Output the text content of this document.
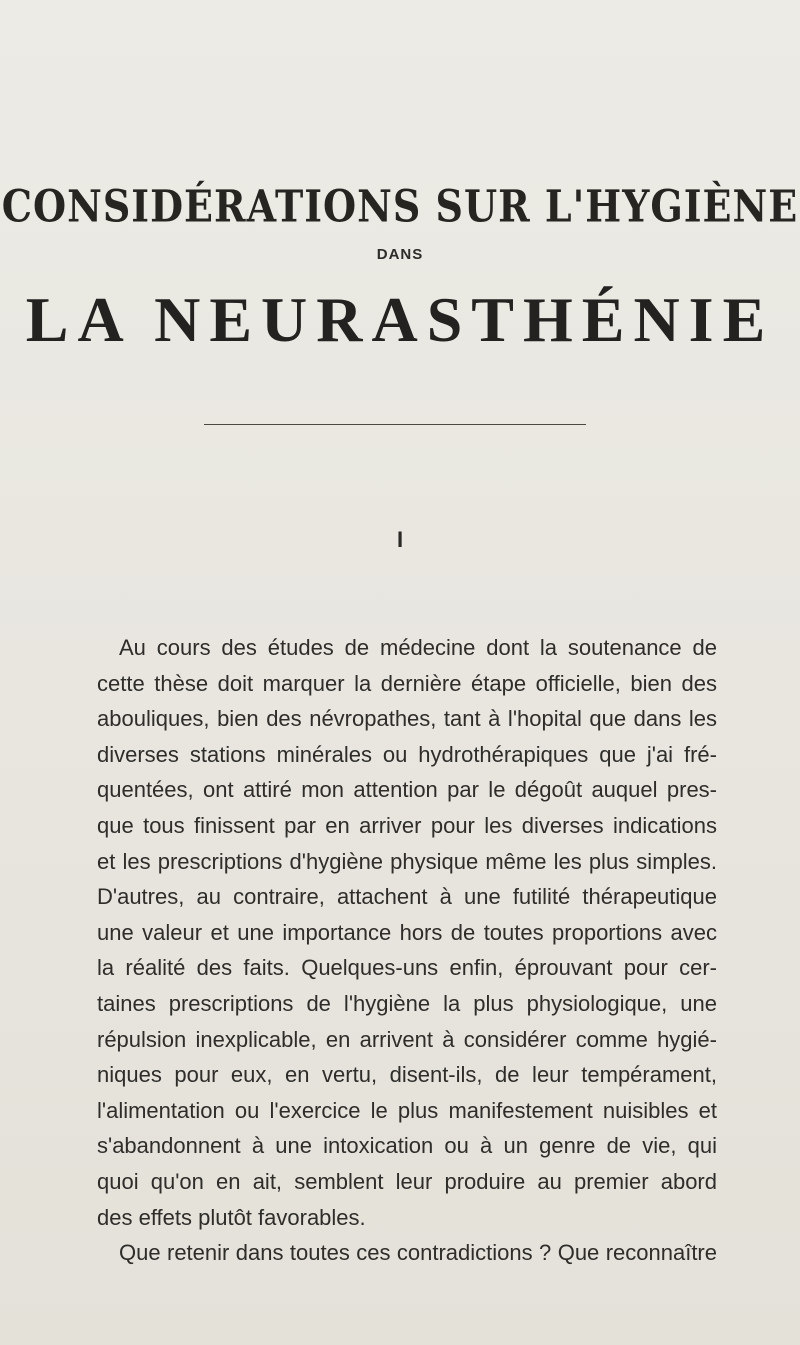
CONSIDÉRATIONS SUR L'HYGIÈNE
DANS
LA NEURASTHÉNIE
I
Au cours des études de médecine dont la soutenance de
cette thèse doit marquer la dernière étape officielle, bien des
abouliques, bien des névropathes, tant à l'hopital que dans les
diverses stations minérales ou hydrothérapiques que j'ai fré-
quentées, ont attiré mon attention par le dégoût auquel pres-
que tous finissent par en arriver pour les diverses indications
et les prescriptions d'hygiène physique même les plus simples.
D'autres, au contraire, attachent à une futilité thérapeutique
une valeur et une importance hors de toutes proportions avec
la réalité des faits. Quelques-uns enfin, éprouvant pour cer-
taines prescriptions de l'hygiène la plus physiologique, une
répulsion inexplicable, en arrivent à considérer comme hygié-
niques pour eux, en vertu, disent-ils, de leur tempérament,
l'alimentation ou l'exercice le plus manifestement nuisibles et
s'abandonnent à une intoxication ou à un genre de vie, qui
quoi qu'on en ait, semblent leur produire au premier abord
des effets plutôt favorables.
Que retenir dans toutes ces contradictions ? Que reconnaître
